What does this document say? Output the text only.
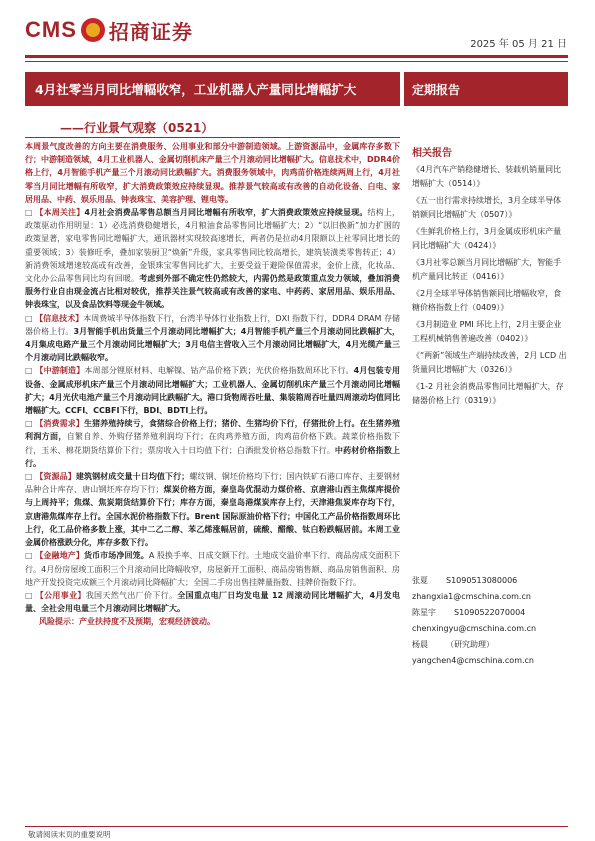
CMS 招商证券
2025 年 05 月 21 日
4月社零当月同比增幅收窄，工业机器人产量同比增幅扩大	定期报告
——行业景气观察（0521）

本周景气度改善的方向主要在消费服务、公用事业和部分中游制造领域。上游资源品中，金属库存多数下行；中游制造领域，4月工业机器人、金属切削机床产量三个月滚动同比增幅扩大。信息技术中，DDR4价格上行，4月智能手机产量三个月滚动同比跌幅扩大。消费服务领域中，肉鸡苗价格连续两周上行，4月社零当月同比增幅有所收窄，扩大消费政策效应持续显现。推荐景气较高或有改善的自动化设备、白电、家居用品、中药、娱乐用品、钟表珠宝、美容护理、锂电等。

□ 【本周关注】4月社会消费品零售总额当月同比增幅有所收窄，扩大消费政策效应持续显现。结构上，政策驱动作用明显：1）必选消费稳健增长，4月粮油食品零售同比增幅扩大；2）“以旧换新”加力扩围的政策显著，家电零售同比增幅扩大，通讯器材实现较高速增长，两者仍是拉动4月限额以上社零同比增长的重要领域；3）装修旺季，叠加家装厨卫“焕新”升级，家具零售同比较高增长，建筑装潢类零售转正；4）新消费领域增速较高或有改善，金银珠宝零售同比扩大，主要受益于避险保值需求，金价上涨，化妆品、文化办公品零售同比均有回暖。考虑到外部不确定性仍然较大，内需仍然是政策重点发力领域，叠加消费服务行业自由现金流占比相对较优，推荐关注景气较高或有改善的家电、中药药、家居用品、娱乐用品、钟表珠宝，以及食品饮料等现金牛领域。

□ 【信息技术】本周费城半导体指数下行，台湾半导体行业指数上行，DXI 指数下行，DDR4 DRAM 存储器价格上行。3月智能手机出货量三个月滚动同比增幅扩大；4月智能手机产量三个月滚动同比跌幅扩大，4月集成电路产量三个月滚动同比增幅扩大；3月电信主营收入三个月滚动同比增幅扩大，4月光缆产量三个月滚动同比跌幅收窄。

□ 【中游制造】本周部分锂原材料、电解镍、钴产品价格下跌；光伏价格指数周环比下行。4月包装专用设备、金属成形机床产量三个月滚动同比增幅扩大；工业机器人、金属切削机床产量三个月滚动同比增幅扩大；4月光伏电池产量三个月滚动同比跌幅扩大。港口货物周吞吐量、集装箱周吞吐量四周滚动均值同比增幅扩大。CCFI、CCBFI下行，BDI、BDTI上行。

□ 【消费需求】生猪养殖持续亏，食猪综合价格上行；猪价、生猪均价下行，仔猪批价上行。在生猪养殖利润方面，自繁自养、外购仔猪养殖利润均下行；在肉鸡养殖方面，肉鸡苗价格下跌。蔬菜价格指数下行，玉米、棉花期货结算价下行；票房收入十日均值下行；白酒批发价格总指数下行。中药材价格指数上行。

□ 【资源品】建筑钢材成交量十日均值下行；螺纹钢、铜坯价格均下行；国内铁矿石港口库存、主要钢材品种合计库存、唐山钢坯库存均下行；煤炭价格方面，秦皇岛优混动力煤价格、京唐港山西主焦煤库提价与上周持平；焦煤、焦炭期货结算价下行；库存方面，秦皇岛港煤炭库存上行，天津港焦炭库存均下行，京唐港焦煤库存上行。全国水泥价格指数下行。Brent 国际原油价格下行；中国化工产品价格指数周环比上行，化工品价格多数上涨，其中二乙二醇、苯乙烯涨幅居前，硫酸、醋酸、钛白粉跌幅居前。本周工业金属价格涨跌分化，库存多数下行。

□ 【金融地产】货币市场净回笼。A 股换手率、日成交额下行。土地成交溢价率下行、商品房成交面积下行。4月份房屋竣工面积三个月滚动同比降幅收窄，房屋新开工面积、商品房销售额、商品房销售面积、房地产开发投资完成额三个月滚动同比降幅扩大；全国二手房出售挂牌量指数、挂牌价指数下行。

□ 【公用事业】我国天然气出厂价下行。全国重点电厂日均发电量 12 周滚动同比增幅扩大，4月发电量、全社会用电量三个月滚动同比增幅扩大。

风险提示：产业扶持度不及预期，宏观经济波动。

相关报告
《4月汽车产销稳健增长、装载机销量同比增幅扩大（0514）》
《五一出行需求持续增长，3月全球半导体销额同比增幅扩大（0507）》
《生鲜乳价格上行，3月金属成形机床产量同比增幅扩大（0424）》
《3月社零总额当月同比增幅扩大，智能手机产量同比转正（0416）》
《2月全球半导体销售额同比增幅收窄，食糖价格指数上行（0409）》
《3月制造业 PMI 环比上行，2月主要企业工程机械销售普遍改善（0402）》
《“两新”领域生产端持续改善，2月 LCD 出货量同比增幅扩大（0326）》
《1-2 月社会消费品零售同比增幅扩大，存储器价格上行（0319）》
张夏 S1090513080006
zhangxia1@cmschina.com.cn
陈星宇 S1090522070004
chenxingyu@cmschina.com.cn
杨晨 （研究助理）
yangchen4@cmschina.com.cn
敬请阅读末页的重要说明
